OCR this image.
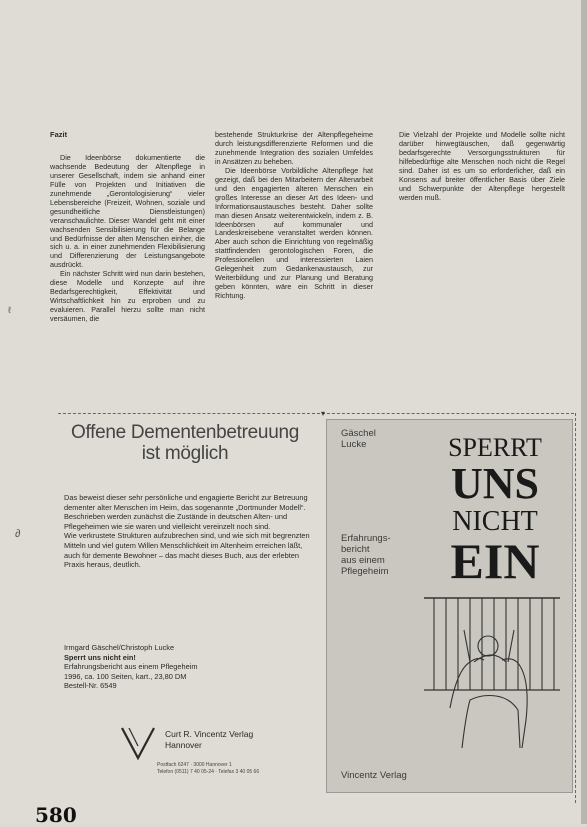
Fazit

Die Ideenbörse dokumentierte die wachsende Bedeutung der Altenpflege in unserer Gesellschaft, indem sie anhand einer Fülle von Projekten und Initiativen die zunehmende „Gerontologisierung“ vieler Lebensbereiche (Freizeit, Wohnen, soziale und gesundheitliche Dienstleistungen) veranschaulichte. Dieser Wandel geht mit einer wachsenden Sensibilisierung für die Belange und Bedürfnisse der alten Menschen einher, die sich u. a. in einer zunehmenden Flexibilisierung und Differenzierung der Leistungsangebote ausdrückt.

Ein nächster Schritt wird nun darin bestehen, diese Modelle und Konzepte auf ihre Bedarfsgerechtigkeit, Effektivität und Wirtschaftlichkeit hin zu erproben und zu evaluieren. Parallel hierzu sollte man nicht versäumen, die

bestehende Strukturkrise der Altenpflegeheime durch leistungsdifferenzierte Reformen und die zunehmende Integration des sozialen Umfeldes in Ansätzen zu beheben.

Die Ideenbörse Vorbildliche Altenpflege hat gezeigt, daß bei den Mitarbeitern der Altenarbeit und den engagierten älteren Menschen ein großes Interesse an dieser Art des Ideen- und Informationsaustausches besteht. Daher sollte man diesen Ansatz weiterentwickeln, indem z. B. Ideenbörsen auf kommunaler und Landeskreisebene veranstaltet werden können. Aber auch schon die Einrichtung von regelmäßig stattfindenden gerontologischen Foren, die Professionellen und interessierten Laien Gelegenheit zum Gedankenaustausch, zur Weiterbildung und zur Planung und Beratung geben könnten, wäre ein Schritt in dieser Richtung.

Die Vielzahl der Projekte und Modelle sollte nicht darüber hinwegtäuschen, daß gegenwärtig bedarfsgerechte Versorgungsstrukturen für hilfebedürftige alte Menschen noch nicht die Regel sind. Daher ist es um so erforderlicher, daß ein Konsens auf breiter öffentlicher Basis über Ziele und Schwerpunkte der Altenpflege hergestellt werden muß.

▾
Offene Dementenbetreuung
ist möglich

Das beweist dieser sehr persönliche und engagierte Bericht zur Betreuung dementer alter Menschen im Heim, das sogenannte „Dortmunder Modell“.

Beschrieben werden zunächst die Zustände in deutschen Alten- und Pflegeheimen wie sie waren und vielleicht vereinzelt noch sind.

Wie verkrustete Strukturen aufzubrechen sind, und wie sich mit begrenzten Mitteln und viel gutem Willen Menschlichkeit im Altenheim erreichen läßt, auch für demente Bewohner – das macht dieses Buch, aus der erlebten Praxis heraus, deutlich.

Irmgard Gäschel/Christoph Lucke

Sperrt uns nicht ein!

Erfahrungsbericht aus einem Pflegeheim

1996, ca. 100 Seiten, kart., 23,80 DM

Bestell-Nr. 6549

Curt R. Vincentz Verlag
Hannover
Postfach 6247 · 3000 Hannover 1
Telefon (0511) 7 40 05-24 · Telefax 3 40 05 66
Gäschel
Lucke	SPERRT
UNS
NICHT
EIN
Erfahrungs-
bericht
aus einem
Pflegeheim
Vincentz Verlag
ℓ
∂
580
